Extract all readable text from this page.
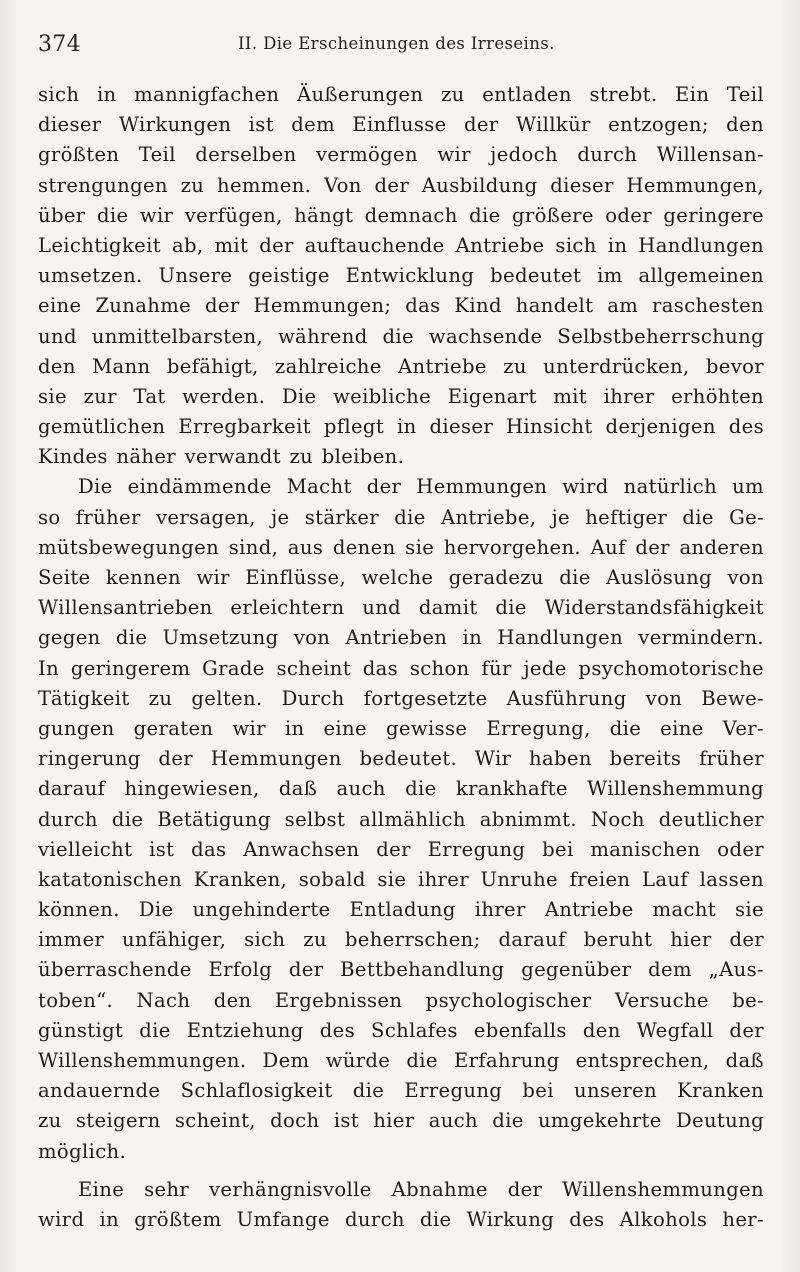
374	II. Die Erscheinungen des Irreseins.

sich in mannigfachen Äußerungen zu entladen strebt. Ein Teil
dieser Wirkungen ist dem Einflusse der Willkür entzogen; den
größten Teil derselben vermögen wir jedoch durch Willensan-
strengungen zu hemmen. Von der Ausbildung dieser Hemmungen,
über die wir verfügen, hängt demnach die größere oder geringere
Leichtigkeit ab, mit der auftauchende Antriebe sich in Handlungen
umsetzen. Unsere geistige Entwicklung bedeutet im allgemeinen
eine Zunahme der Hemmungen; das Kind handelt am raschesten
und unmittelbarsten, während die wachsende Selbstbeherrschung
den Mann befähigt, zahlreiche Antriebe zu unterdrücken, bevor
sie zur Tat werden. Die weibliche Eigenart mit ihrer erhöhten
gemütlichen Erregbarkeit pflegt in dieser Hinsicht derjenigen des
Kindes näher verwandt zu bleiben.

Die eindämmende Macht der Hemmungen wird natürlich um
so früher versagen, je stärker die Antriebe, je heftiger die Ge-
mütsbewegungen sind, aus denen sie hervorgehen. Auf der anderen
Seite kennen wir Einflüsse, welche geradezu die Auslösung von
Willensantrieben erleichtern und damit die Widerstandsfähigkeit
gegen die Umsetzung von Antrieben in Handlungen vermindern.
In geringerem Grade scheint das schon für jede psychomotorische
Tätigkeit zu gelten. Durch fortgesetzte Ausführung von Bewe-
gungen geraten wir in eine gewisse Erregung, die eine Ver-
ringerung der Hemmungen bedeutet. Wir haben bereits früher
darauf hingewiesen, daß auch die krankhafte Willenshemmung
durch die Betätigung selbst allmählich abnimmt. Noch deutlicher
vielleicht ist das Anwachsen der Erregung bei manischen oder
katatonischen Kranken, sobald sie ihrer Unruhe freien Lauf lassen
können. Die ungehinderte Entladung ihrer Antriebe macht sie
immer unfähiger, sich zu beherrschen; darauf beruht hier der
überraschende Erfolg der Bettbehandlung gegenüber dem „Aus-
toben“. Nach den Ergebnissen psychologischer Versuche be-
günstigt die Entziehung des Schlafes ebenfalls den Wegfall der
Willenshemmungen. Dem würde die Erfahrung entsprechen, daß
andauernde Schlaflosigkeit die Erregung bei unseren Kranken
zu steigern scheint, doch ist hier auch die umgekehrte Deutung
möglich.

Eine sehr verhängnisvolle Abnahme der Willenshemmungen
wird in größtem Umfange durch die Wirkung des Alkohols her-
